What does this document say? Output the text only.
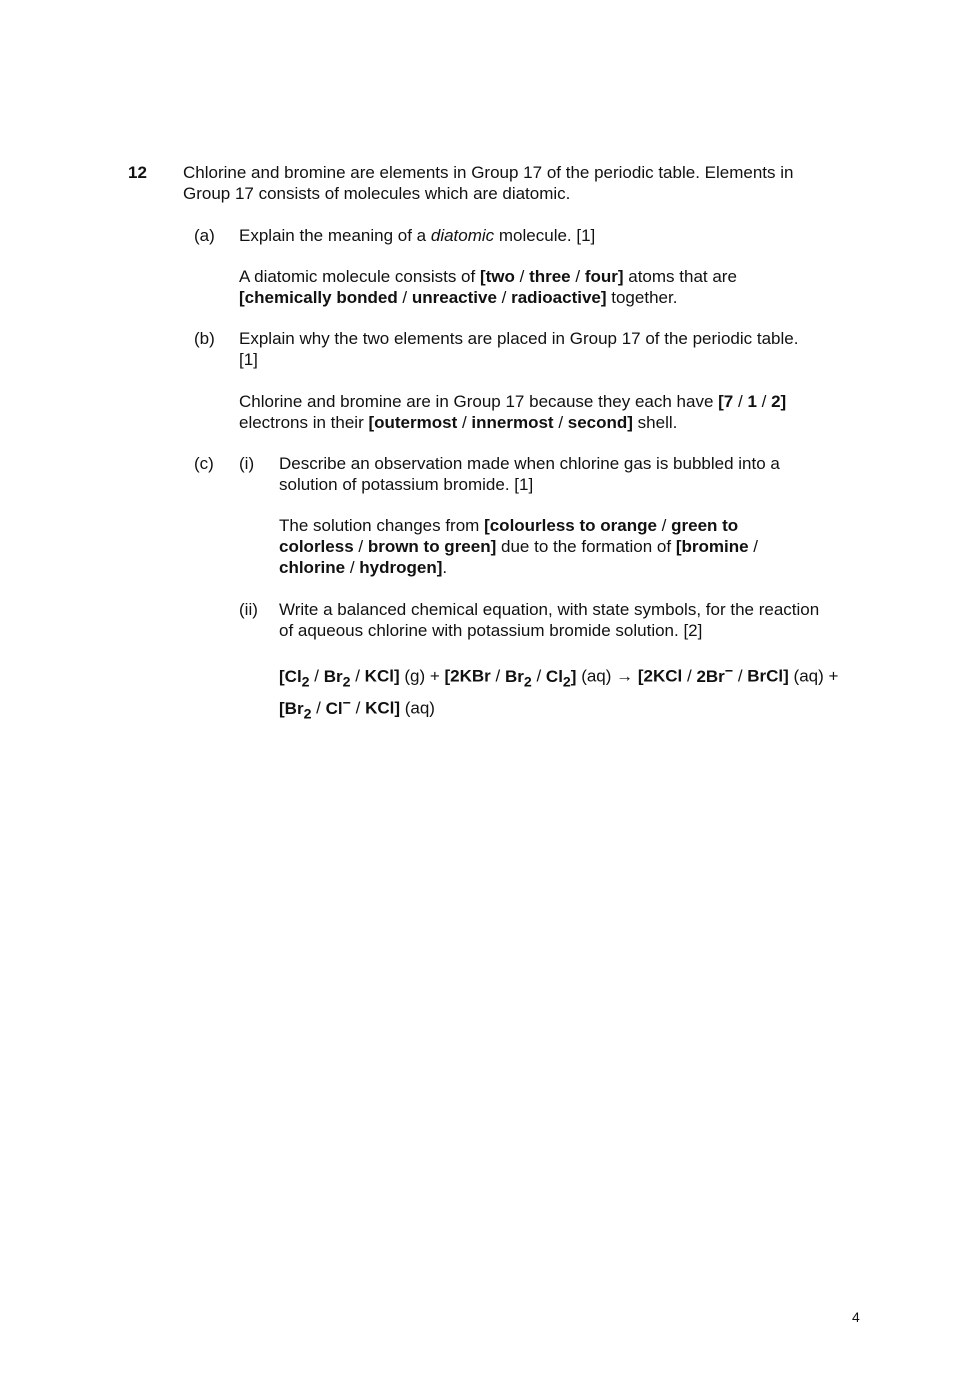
12 Chlorine and bromine are elements in Group 17 of the periodic table. Elements in Group 17 consists of molecules which are diatomic.
(a) Explain the meaning of a diatomic molecule. [1]
A diatomic molecule consists of [two / three / four] atoms that are [chemically bonded / unreactive / radioactive] together.
(b) Explain why the two elements are placed in Group 17 of the periodic table. [1]
Chlorine and bromine are in Group 17 because they each have [7 / 1 / 2] electrons in their [outermost / innermost / second] shell.
(c) (i) Describe an observation made when chlorine gas is bubbled into a solution of potassium bromide. [1]
The solution changes from [colourless to orange / green to colorless / brown to green] due to the formation of [bromine / chlorine / hydrogen].
(ii) Write a balanced chemical equation, with state symbols, for the reaction of aqueous chlorine with potassium bromide solution. [2]
$[Cl_2 / Br_2 / KCl] (g) + [2KBr / Br_2 / Cl_2] (aq) \to [2KCl / 2Br^-$ / BrCl] $(aq) + [Br_2 / Cl^- / KCl]$ (aq)
4
